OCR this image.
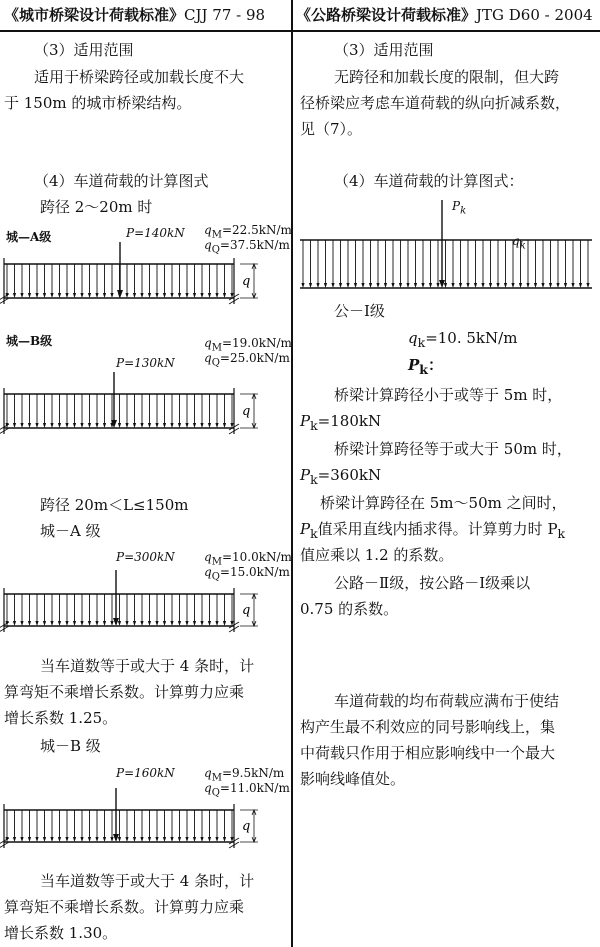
《城市桥梁设计荷载标准》CJJ 77 - 98 《公路桥梁设计荷载标准》JTG D60 - 2004
（3）适用范围
适用于桥梁跨径或加载长度不大
于 150m 的城市桥梁结构。
（4）车道荷载的计算图式
跨径 2～20m 时
城—A级	P=140kN $q_M=22.5kN/m$
$q_Q=37.5kN/m$
q
城—B级
P=130kN
$q_M=19.0kN/m$
$q_Q=25.0kN/m$
q
跨径 20m＜L≤150m
城－A 级
P=300kN $q_M=10.0kN/m$
$q_Q=15.0kN/m$
q
当车道数等于或大于 4 条时，计
算弯矩不乘增长系数。计算剪力应乘
增长系数 1.25。
城－B 级
P=160kN $q_M=9.5kN/m$
$q_Q=11.0kN/m$
q
当车道数等于或大于 4 条时，计
算弯矩不乘增长系数。计算剪力应乘
增长系数 1.30。
（3）适用范围
无跨径和加载长度的限制，但大跨
径桥梁应考虑车道荷载的纵向折减系数，
见（7）。
（4）车道荷载的计算图式：
$P_k$
$q_k$
公－Ⅰ级
$q_k=10$. 5kN/m
$P_k$：
桥梁计算跨径小于或等于 5m 时，
$P_k=180kN$
桥梁计算跨径等于或大于 50m 时，
$P_k=360kN$
桥梁计算跨径在 5m～50m 之间时，
$P_k$值采用直线内插求得。计算剪力时 $P_k$
值应乘以 1.2 的系数。
公路－Ⅱ级，按公路－Ⅰ级乘以
0.75 的系数。
车道荷载的均布荷载应满布于使结
构产生最不利效应的同号影响线上，集
中荷载只作用于相应影响线中一个最大
影响线峰值处。
